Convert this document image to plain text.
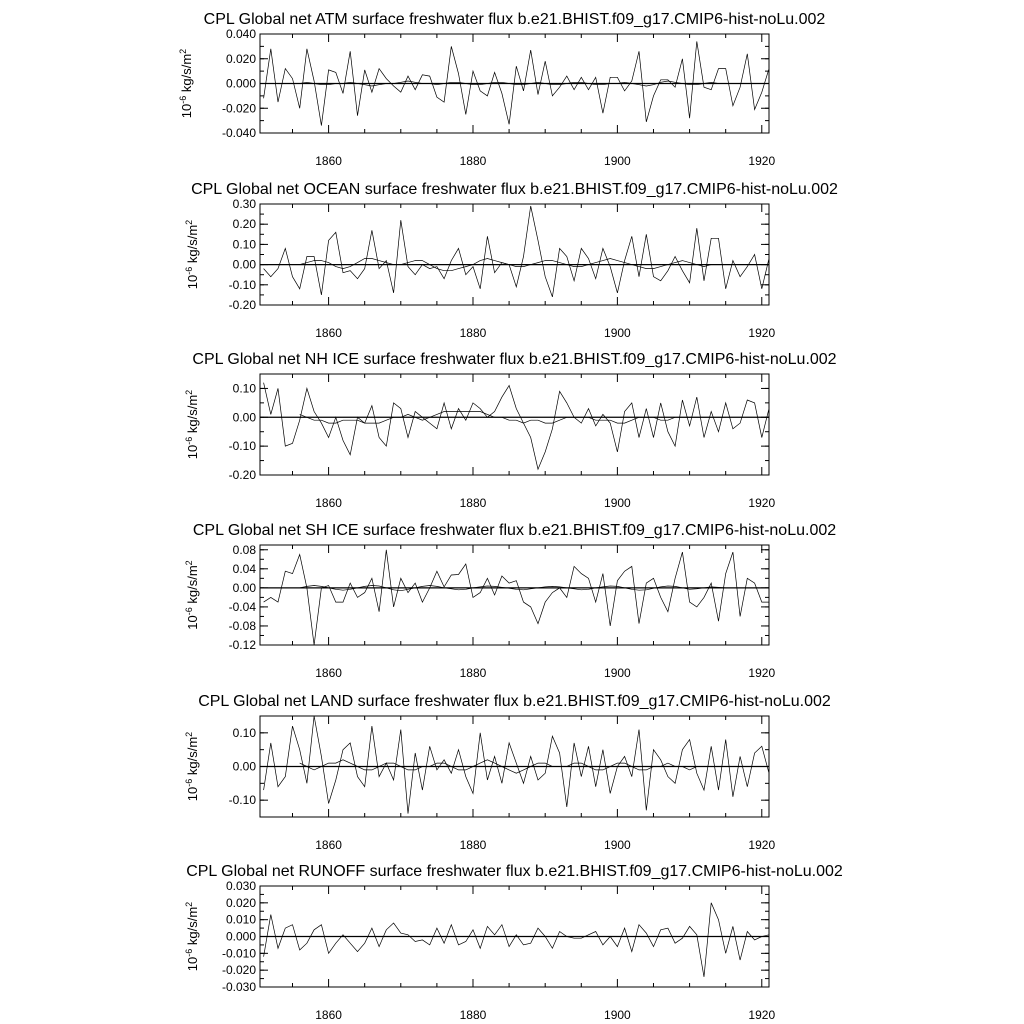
CPL Global net ATM surface freshwater flux b.e21.BHIST.f09_g17.CMIP6-hist-noLu.002
-0.040
-0.020
0.000
0.020
0.040
1860	1880	1900	1920
$10^{-6}$ $kg/s/m^2$
CPL Global net OCEAN surface freshwater flux b.e21.BHIST.f09_g17.CMIP6-hist-noLu.002
-0.20
-0.10
0.00
0.10
0.20
0.30
1860	1880	1900	1920
$10^{-6}$ $kg/s/m^2$
CPL Global net NH ICE surface freshwater flux b.e21.BHIST.f09_g17.CMIP6-hist-noLu.002
-0.20
-0.10
0.00
0.10
1860	1880	1900	1920
$10^{-6}$ $kg/s/m^2$
CPL Global net SH ICE surface freshwater flux b.e21.BHIST.f09_g17.CMIP6-hist-noLu.002
-0.12
-0.08
-0.04
0.00
0.04
0.08
1860	1880	1900	1920
$10^{-6}$ $kg/s/m^2$
CPL Global net LAND surface freshwater flux b.e21.BHIST.f09_g17.CMIP6-hist-noLu.002
-0.10
0.00
0.10
1860	1880	1900	1920
$10^{-6}$ $kg/s/m^2$
CPL Global net RUNOFF surface freshwater flux b.e21.BHIST.f09_g17.CMIP6-hist-noLu.002
-0.030
-0.020
-0.010
0.000
0.010
0.020
0.030
1860	1880	1900	1920
$10^{-6}$ $kg/s/m^2$
